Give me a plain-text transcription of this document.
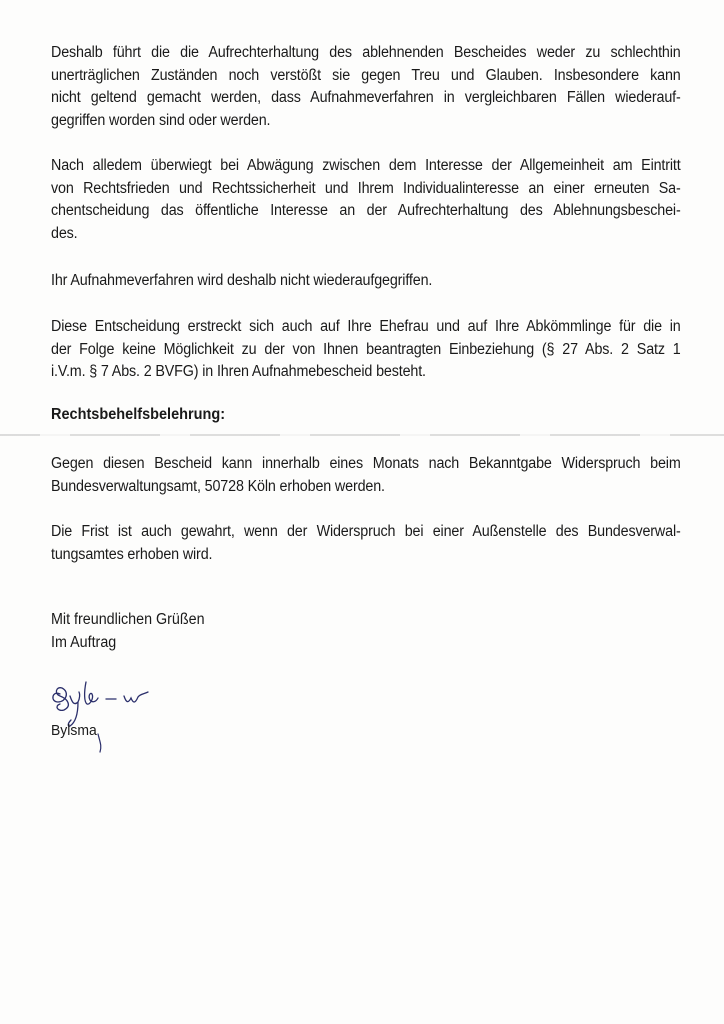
Deshalb führt die die Aufrechterhaltung des ablehnenden Bescheides weder zu schlechthin
unerträglichen Zuständen noch verstößt sie gegen Treu und Glauben. Insbesondere kann
nicht geltend gemacht werden, dass Aufnahmeverfahren in vergleichbaren Fällen wiederauf-
gegriffen worden sind oder werden.
Nach alledem überwiegt bei Abwägung zwischen dem Interesse der Allgemeinheit am Eintritt
von Rechtsfrieden und Rechtssicherheit und Ihrem Individualinteresse an einer erneuten Sa-
chentscheidung das öffentliche Interesse an der Aufrechterhaltung des Ablehnungsbeschei-
des.
Ihr Aufnahmeverfahren wird deshalb nicht wiederaufgegriffen.
Diese Entscheidung erstreckt sich auch auf Ihre Ehefrau und auf Ihre Abkömmlinge für die in
der Folge keine Möglichkeit zu der von Ihnen beantragten Einbeziehung (§ 27 Abs. 2 Satz 1
i.V.m. § 7 Abs. 2 BVFG) in Ihren Aufnahmebescheid besteht.
Rechtsbehelfsbelehrung:
Gegen diesen Bescheid kann innerhalb eines Monats nach Bekanntgabe Widerspruch beim
Bundesverwaltungsamt, 50728 Köln erhoben werden.
Die Frist ist auch gewahrt, wenn der Widerspruch bei einer Außenstelle des Bundesverwal-
tungsamtes erhoben wird.
Mit freundlichen Grüßen
Im Auftrag
Bylsma
